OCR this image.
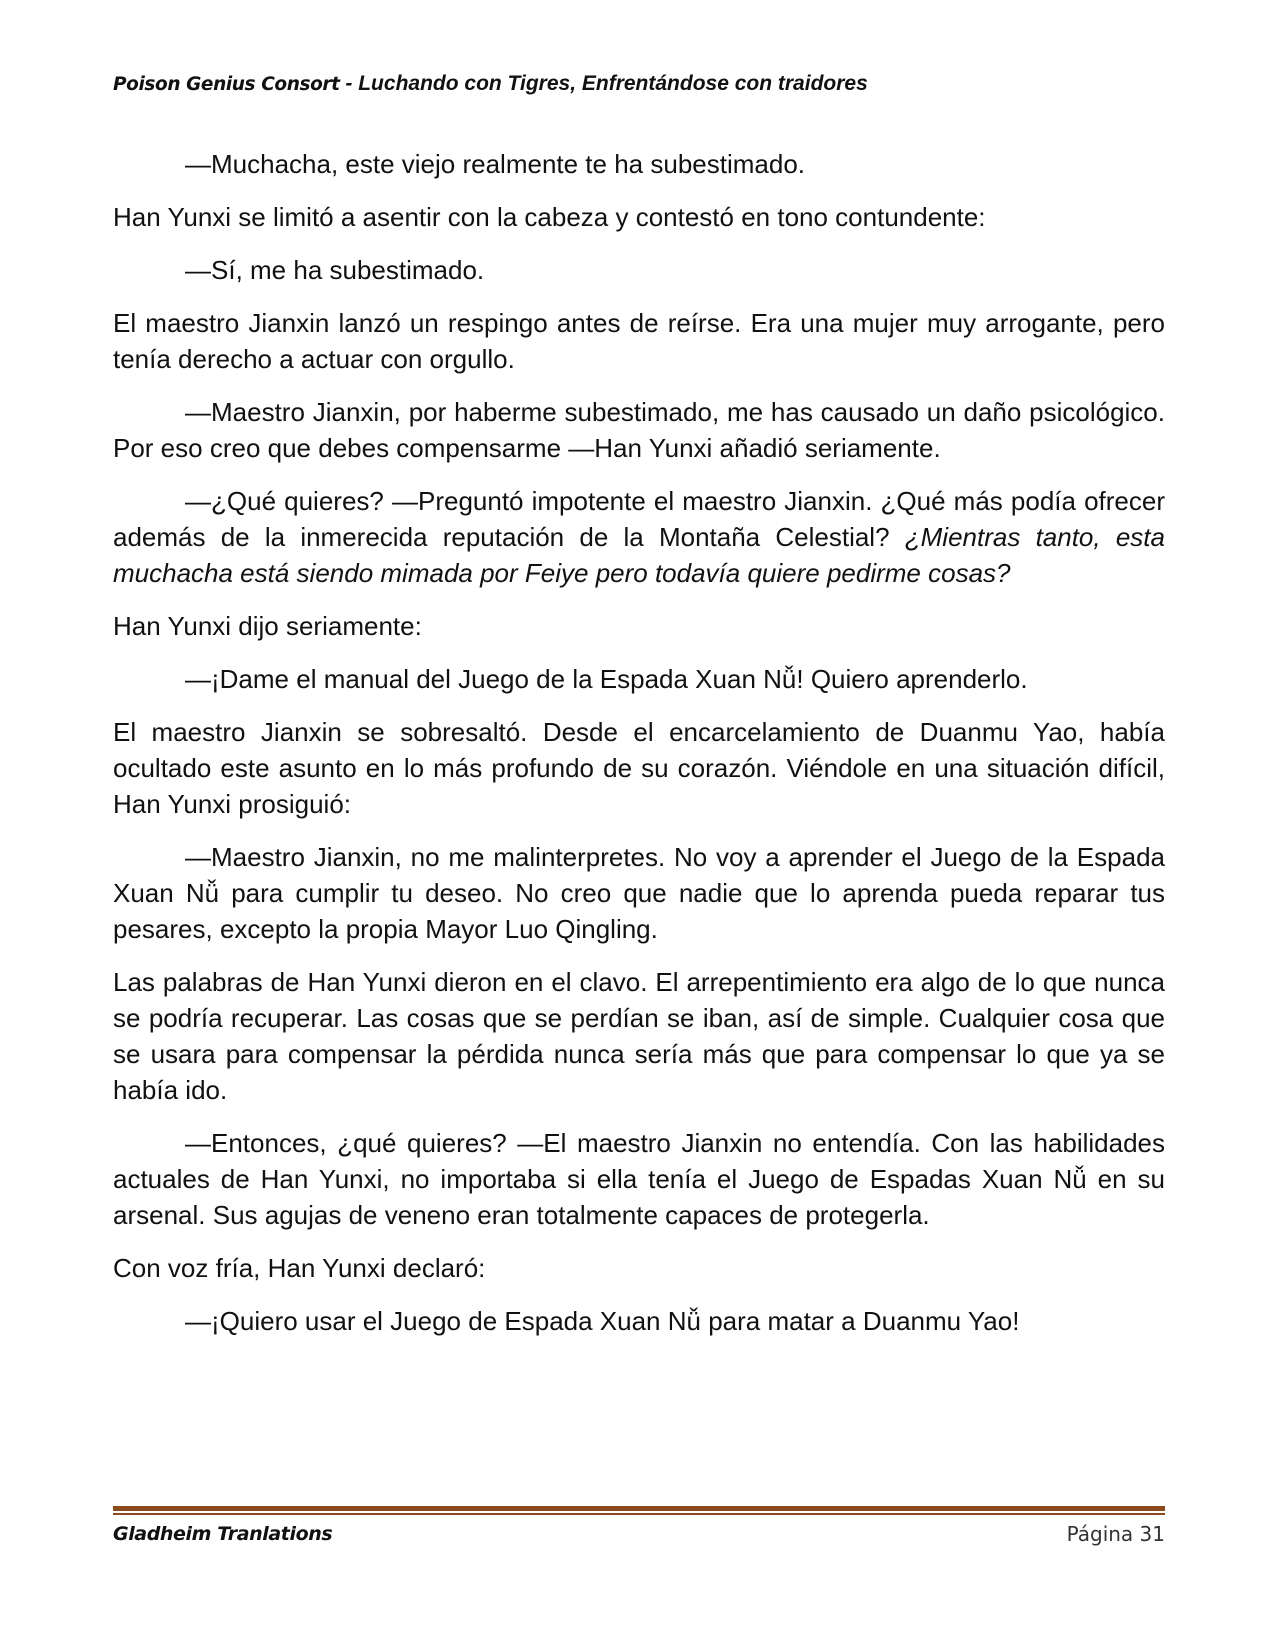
Poison Genius Consort - Luchando con Tigres, Enfrentándose con traidores

—Muchacha, este viejo realmente te ha subestimado.

Han Yunxi se limitó a asentir con la cabeza y contestó en tono contundente:

—Sí, me ha subestimado.

El maestro Jianxin lanzó un respingo antes de reírse. Era una mujer muy arrogante, pero tenía derecho a actuar con orgullo.

—Maestro Jianxin, por haberme subestimado, me has causado un daño psicológico. Por eso creo que debes compensarme —Han Yunxi añadió seriamente.

—¿Qué quieres? —Preguntó impotente el maestro Jianxin. ¿Qué más podía ofrecer además de la inmerecida reputación de la Montaña Celestial? ¿Mientras tanto, esta muchacha está siendo mimada por Feiye pero todavía quiere pedirme cosas?

Han Yunxi dijo seriamente:

—¡Dame el manual del Juego de la Espada Xuan Nǚ! Quiero aprenderlo.

El maestro Jianxin se sobresaltó. Desde el encarcelamiento de Duanmu Yao, había ocultado este asunto en lo más profundo de su corazón. Viéndole en una situación difícil, Han Yunxi prosiguió:

—Maestro Jianxin, no me malinterpretes. No voy a aprender el Juego de la Espada Xuan Nǚ para cumplir tu deseo. No creo que nadie que lo aprenda pueda reparar tus pesares, excepto la propia Mayor Luo Qingling.

Las palabras de Han Yunxi dieron en el clavo. El arrepentimiento era algo de lo que nunca se podría recuperar. Las cosas que se perdían se iban, así de simple. Cualquier cosa que se usara para compensar la pérdida nunca sería más que para compensar lo que ya se había ido.

—Entonces, ¿qué quieres? —El maestro Jianxin no entendía. Con las habilidades actuales de Han Yunxi, no importaba si ella tenía el Juego de Espadas Xuan Nǚ en su arsenal. Sus agujas de veneno eran totalmente capaces de protegerla.

Con voz fría, Han Yunxi declaró:

—¡Quiero usar el Juego de Espada Xuan Nǚ para matar a Duanmu Yao!

Gladheim Tranlations	Página 31
